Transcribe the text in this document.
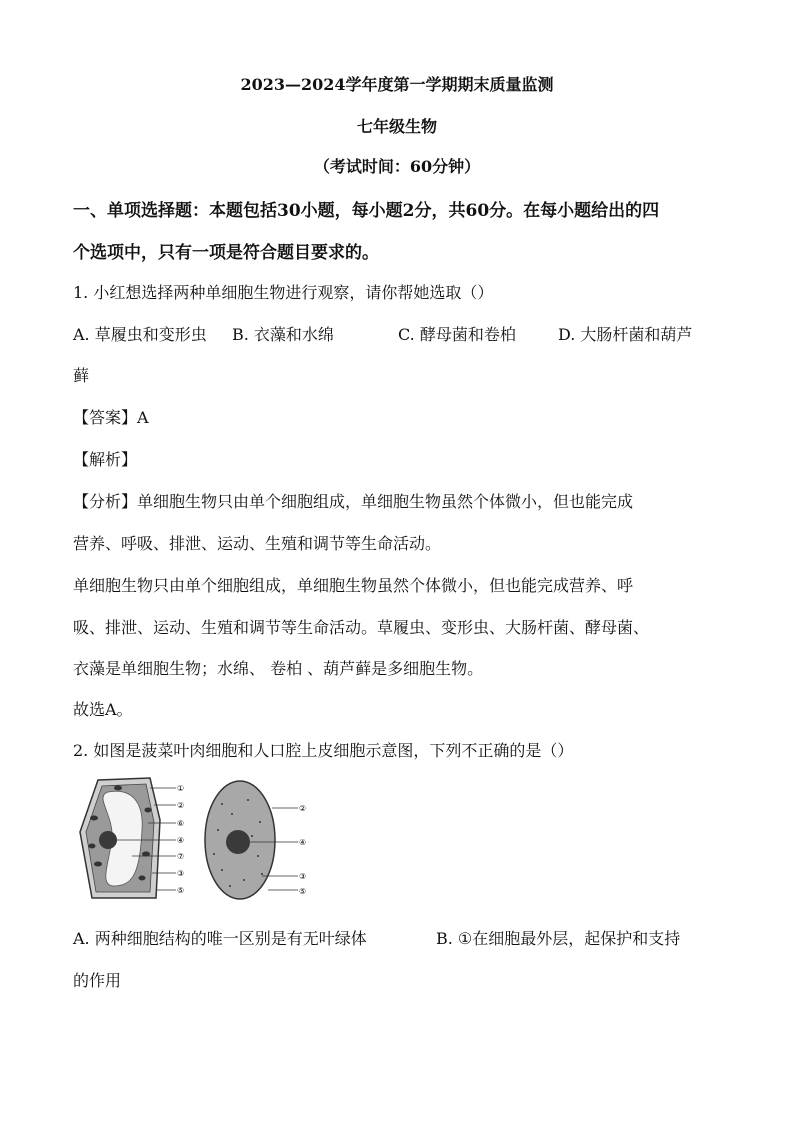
2023—2024学年度第一学期期末质量监测
七年级生物
（考试时间：60分钟）
一、单项选择题：本题包括30小题，每小题2分，共60分。在每小题给出的四
个选项中，只有一项是符合题目要求的。
1. 小红想选择两种单细胞生物进行观察，请你帮她选取（）
A. 草履虫和变形虫 B. 衣藻和水绵	C. 酵母菌和卷柏	D. 大肠杆菌和葫芦
藓
【答案】A
【解析】
【分析】单细胞生物只由单个细胞组成，单细胞生物虽然个体微小，但也能完成
营养、呼吸、排泄、运动、生殖和调节等生命活动。
单细胞生物只由单个细胞组成，单细胞生物虽然个体微小，但也能完成营养、呼
吸、排泄、运动、生殖和调节等生命活动。草履虫、变形虫、大肠杆菌、酵母菌、
衣藻是单细胞生物；水绵、 卷柏 、葫芦藓是多细胞生物。
故选A。
2. 如图是菠菜叶肉细胞和人口腔上皮细胞示意图，下列不正确的是（）
①
②
⑥
④
⑦
③
⑤
②
④
③
⑤
A. 两种细胞结构的唯一区别是有无叶绿体	B. ①在细胞最外层，起保护和支持
的作用
